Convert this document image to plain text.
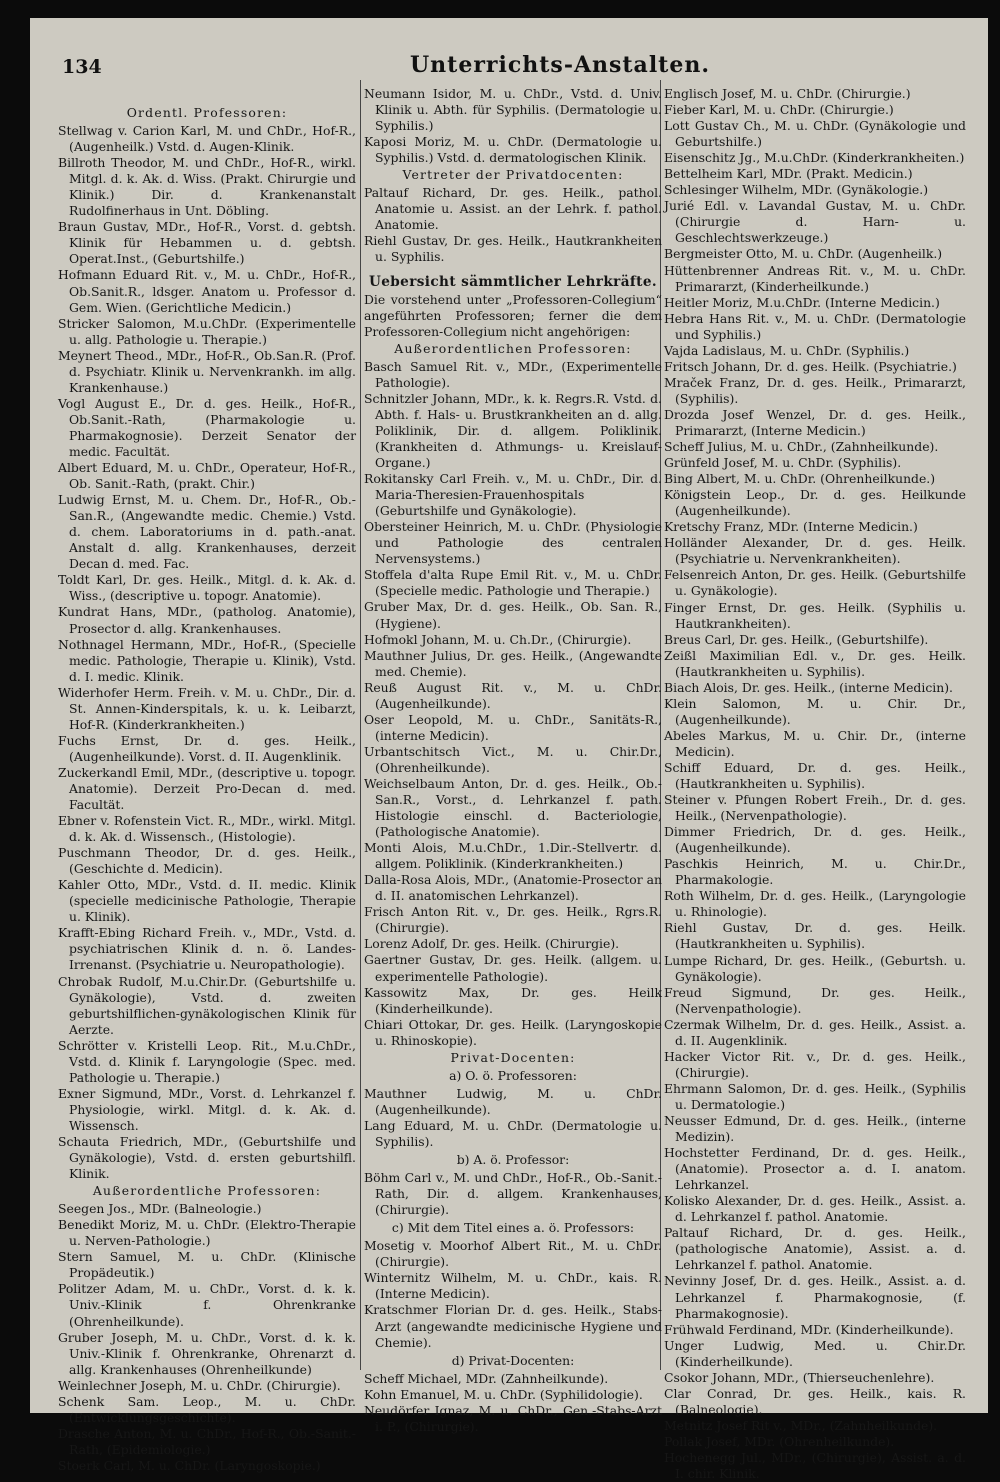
134	Unterrichts-Anstalten.

Ordentl. Professoren:

Stellwag v. Carion Karl, M. und ChDr., Hof-R., (Augenheilk.) Vstd. d. Augen-Klinik.

Billroth Theodor, M. und ChDr., Hof-R., wirkl. Mitgl. d. k. Ak. d. Wiss. (Prakt. Chirurgie und Klinik.) Dir. d. Krankenanstalt Rudolfinerhaus in Unt. Döbling.

Braun Gustav, MDr., Hof-R., Vorst. d. gebtsh. Klinik für Hebammen u. d. gebtsh. Operat.Inst., (Geburtshilfe.)

Hofmann Eduard Rit. v., M. u. ChDr., Hof-R., Ob.Sanit.R., ldsger. Anatom u. Professor d. Gem. Wien. (Gerichtliche Medicin.)

Stricker Salomon, M.u.ChDr. (Experimentelle u. allg. Pathologie u. Therapie.)

Meynert Theod., MDr., Hof-R., Ob.San.R. (Prof. d. Psychiatr. Klinik u. Nervenkrankh. im allg. Krankenhause.)

Vogl August E., Dr. d. ges. Heilk., Hof-R., Ob.Sanit.-Rath, (Pharmakologie u. Pharmakognosie). Derzeit Senator der medic. Facultät.

Albert Eduard, M. u. ChDr., Operateur, Hof-R., Ob. Sanit.-Rath, (prakt. Chir.)

Ludwig Ernst, M. u. Chem. Dr., Hof-R., Ob.-San.R., (Angewandte medic. Chemie.) Vstd. d. chem. Laboratoriums in d. path.-anat. Anstalt d. allg. Krankenhauses, derzeit Decan d. med. Fac.

Toldt Karl, Dr. ges. Heilk., Mitgl. d. k. Ak. d. Wiss., (descriptive u. topogr. Anatomie).

Kundrat Hans, MDr., (patholog. Anatomie), Prosector d. allg. Krankenhauses.

Nothnagel Hermann, MDr., Hof-R., (Specielle medic. Pathologie, Therapie u. Klinik), Vstd. d. I. medic. Klinik.

Widerhofer Herm. Freih. v. M. u. ChDr., Dir. d. St. Annen-Kinderspitals, k. u. k. Leibarzt, Hof-R. (Kinderkrankheiten.)

Fuchs Ernst, Dr. d. ges. Heilk., (Augenheilkunde). Vorst. d. II. Augenklinik.

Zuckerkandl Emil, MDr., (descriptive u. topogr. Anatomie). Derzeit Pro-Decan d. med. Facultät.

Ebner v. Rofenstein Vict. R., MDr., wirkl. Mitgl. d. k. Ak. d. Wissensch., (Histologie).

Puschmann Theodor, Dr. d. ges. Heilk., (Geschichte d. Medicin).

Kahler Otto, MDr., Vstd. d. II. medic. Klinik (specielle medicinische Pathologie, Therapie u. Klinik).

Krafft-Ebing Richard Freih. v., MDr., Vstd. d. psychiatrischen Klinik d. n. ö. Landes-Irrenanst. (Psychiatrie u. Neuropathologie).

Chrobak Rudolf, M.u.Chir.Dr. (Geburtshilfe u. Gynäkologie), Vstd. d. zweiten geburtshilflichen-gynäkologischen Klinik für Aerzte.

Schrötter v. Kristelli Leop. Rit., M.u.ChDr., Vstd. d. Klinik f. Laryngologie (Spec. med. Pathologie u. Therapie.)

Exner Sigmund, MDr., Vorst. d. Lehrkanzel f. Physiologie, wirkl. Mitgl. d. k. Ak. d. Wissensch.

Schauta Friedrich, MDr., (Geburtshilfe und Gynäkologie), Vstd. d. ersten geburtshilfl. Klinik.

Außerordentliche Professoren:

Seegen Jos., MDr. (Balneologie.)

Benedikt Moriz, M. u. ChDr. (Elektro-Therapie u. Nerven-Pathologie.)

Stern Samuel, M. u. ChDr. (Klinische Propädeutik.)

Politzer Adam, M. u. ChDr., Vorst. d. k. k. Univ.-Klinik f. Ohrenkranke (Ohrenheilkunde).

Gruber Joseph, M. u. ChDr., Vorst. d. k. k. Univ.-Klinik f. Ohrenkranke, Ohrenarzt d. allg. Krankenhauses (Ohrenheilkunde)

Weinlechner Joseph, M. u. ChDr. (Chirurgie).

Schenk Sam. Leop., M. u. ChDr. (Entwicklungsgeschichte).

Drasche Anton, M. u. ChDr., Hof-R., Ob.-Sanit.-Rath, (Epidemiologie.)

Stoerk Carl, M. u. ChDr. (Laryngoskopie.)

Neumann Isidor, M. u. ChDr., Vstd. d. Univ. Klinik u. Abth. für Syphilis. (Dermatologie u. Syphilis.)

Kaposi Moriz, M. u. ChDr. (Dermatologie u. Syphilis.) Vstd. d. dermatologischen Klinik.

Vertreter der Privatdocenten:

Paltauf Richard, Dr. ges. Heilk., pathol. Anatomie u. Assist. an der Lehrk. f. pathol. Anatomie.

Riehl Gustav, Dr. ges. Heilk., Hautkrankheiten u. Syphilis.

Uebersicht sämmtlicher Lehrkräfte.

Die vorstehend unter „Professoren-Collegium“ angeführten Professoren; ferner die dem Professoren-Collegium nicht angehörigen:

Außerordentlichen Professoren:

Basch Samuel Rit. v., MDr., (Experimentelle Pathologie).

Schnitzler Johann, MDr., k. k. Regrs.R. Vstd. d. Abth. f. Hals- u. Brustkrankheiten an d. allg. Poliklinik, Dir. d. allgem. Poliklinik. (Krankheiten d. Athmungs- u. Kreislauf-Organe.)

Rokitansky Carl Freih. v., M. u. ChDr., Dir. d. Maria-Theresien-Frauenhospitals (Geburtshilfe und Gynäkologie).

Obersteiner Heinrich, M. u. ChDr. (Physiologie und Pathologie des centralen Nervensystems.)

Stoffela d'alta Rupe Emil Rit. v., M. u. ChDr. (Specielle medic. Pathologie und Therapie.)

Gruber Max, Dr. d. ges. Heilk., Ob. San. R., (Hygiene).

Hofmokl Johann, M. u. Ch.Dr., (Chirurgie).

Mauthner Julius, Dr. ges. Heilk., (Angewandte med. Chemie).

Reuß August Rit. v., M. u. ChDr. (Augenheilkunde).

Oser Leopold, M. u. ChDr., Sanitäts-R., (interne Medicin).

Urbantschitsch Vict., M. u. Chir.Dr., (Ohrenheilkunde).

Weichselbaum Anton, Dr. d. ges. Heilk., Ob.-San.R., Vorst., d. Lehrkanzel f. path. Histologie einschl. d. Bacteriologie, (Pathologische Anatomie).

Monti Alois, M.u.ChDr., 1.Dir.-Stellvertr. d. allgem. Poliklinik. (Kinderkrankheiten.)

Dalla-Rosa Alois, MDr., (Anatomie-Prosector an d. II. anatomischen Lehrkanzel).

Frisch Anton Rit. v., Dr. ges. Heilk., Rgrs.R. (Chirurgie).

Lorenz Adolf, Dr. ges. Heilk. (Chirurgie).

Gaertner Gustav, Dr. ges. Heilk. (allgem. u. experimentelle Pathologie).

Kassowitz Max, Dr. ges. Heilk (Kinderheilkunde).

Chiari Ottokar, Dr. ges. Heilk. (Laryngoskopie u. Rhinoskopie).

Privat-Docenten:

a) O. ö. Professoren:

Mauthner Ludwig, M. u. ChDr. (Augenheilkunde).

Lang Eduard, M. u. ChDr. (Dermatologie u. Syphilis).

b) A. ö. Professor:

Böhm Carl v., M. und ChDr., Hof-R., Ob.-Sanit.-Rath, Dir. d. allgem. Krankenhauses, (Chirurgie).

c) Mit dem Titel eines a. ö. Professors:

Mosetig v. Moorhof Albert Rit., M. u. ChDr. (Chirurgie).

Winternitz Wilhelm, M. u. ChDr., kais. R. (Interne Medicin).

Kratschmer Florian Dr. d. ges. Heilk., Stabs-Arzt (angewandte medicinische Hygiene und Chemie).

d) Privat-Docenten:

Scheff Michael, MDr. (Zahnheilkunde).

Kohn Emanuel, M. u. ChDr. (Syphilidologie).

Neudörfer Ignaz, M. u. ChDr., Gen.-Stabs-Arzt i. P., (Chirurgie).

Englisch Josef, M. u. ChDr. (Chirurgie.)

Fieber Karl, M. u. ChDr. (Chirurgie.)

Lott Gustav Ch., M. u. ChDr. (Gynäkologie und Geburtshilfe.)

Eisenschitz Jg., M.u.ChDr. (Kinderkrankheiten.)

Bettelheim Karl, MDr. (Prakt. Medicin.)

Schlesinger Wilhelm, MDr. (Gynäkologie.)

Jurié Edl. v. Lavandal Gustav, M. u. ChDr. (Chirurgie d. Harn- u. Geschlechtswerkzeuge.)

Bergmeister Otto, M. u. ChDr. (Augenheilk.)

Hüttenbrenner Andreas Rit. v., M. u. ChDr. Primararzt, (Kinderheilkunde.)

Heitler Moriz, M.u.ChDr. (Interne Medicin.)

Hebra Hans Rit. v., M. u. ChDr. (Dermatologie und Syphilis.)

Vajda Ladislaus, M. u. ChDr. (Syphilis.)

Fritsch Johann, Dr. d. ges. Heilk. (Psychiatrie.)

Mraček Franz, Dr. d. ges. Heilk., Primararzt, (Syphilis).

Drozda Josef Wenzel, Dr. d. ges. Heilk., Primararzt, (Interne Medicin.)

Scheff Julius, M. u. ChDr., (Zahnheilkunde).

Grünfeld Josef, M. u. ChDr. (Syphilis).

Bing Albert, M. u. ChDr. (Ohrenheilkunde.)

Königstein Leop., Dr. d. ges. Heilkunde (Augenheilkunde).

Kretschy Franz, MDr. (Interne Medicin.)

Holländer Alexander, Dr. d. ges. Heilk. (Psychiatrie u. Nervenkrankheiten).

Felsenreich Anton, Dr. ges. Heilk. (Geburtshilfe u. Gynäkologie).

Finger Ernst, Dr. ges. Heilk. (Syphilis u. Hautkrankheiten).

Breus Carl, Dr. ges. Heilk., (Geburtshilfe).

Zeißl Maximilian Edl. v., Dr. ges. Heilk. (Hautkrankheiten u. Syphilis).

Biach Alois, Dr. ges. Heilk., (interne Medicin).

Klein Salomon, M. u. Chir. Dr., (Augenheilkunde).

Abeles Markus, M. u. Chir. Dr., (interne Medicin).

Schiff Eduard, Dr. d. ges. Heilk., (Hautkrankheiten u. Syphilis).

Steiner v. Pfungen Robert Freih., Dr. d. ges. Heilk., (Nervenpathologie).

Dimmer Friedrich, Dr. d. ges. Heilk., (Augenheilkunde).

Paschkis Heinrich, M. u. Chir.Dr., Pharmakologie.

Roth Wilhelm, Dr. d. ges. Heilk., (Laryngologie u. Rhinologie).

Riehl Gustav, Dr. d. ges. Heilk. (Hautkrankheiten u. Syphilis).

Lumpe Richard, Dr. ges. Heilk., (Geburtsh. u. Gynäkologie).

Freud Sigmund, Dr. ges. Heilk., (Nervenpathologie).

Czermak Wilhelm, Dr. d. ges. Heilk., Assist. a. d. II. Augenklinik.

Hacker Victor Rit. v., Dr. d. ges. Heilk., (Chirurgie).

Ehrmann Salomon, Dr. d. ges. Heilk., (Syphilis u. Dermatologie.)

Neusser Edmund, Dr. d. ges. Heilk., (interne Medizin).

Hochstetter Ferdinand, Dr. d. ges. Heilk., (Anatomie). Prosector a. d. I. anatom. Lehrkanzel.

Kolisko Alexander, Dr. d. ges. Heilk., Assist. a. d. Lehrkanzel f. pathol. Anatomie.

Paltauf Richard, Dr. d. ges. Heilk., (pathologische Anatomie), Assist. a. d. Lehrkanzel f. pathol. Anatomie.

Nevinny Josef, Dr. d. ges. Heilk., Assist. a. d. Lehrkanzel f. Pharmakognosie, (f. Pharmakognosie).

Frühwald Ferdinand, MDr. (Kinderheilkunde).

Unger Ludwig, Med. u. Chir.Dr. (Kinderheilkunde).

Csokor Johann, MDr., (Thierseuchenlehre).

Clar Conrad, Dr. ges. Heilk., kais. R. (Balneologie).

Metnitz Josef Rit v., MDr., (Zahnheilkunde).

Pollak Josef, MDr. (Ohrenheilkunde).

Hochenegg Jul., MDr., (Chirurgie), Assist. a. d. I. chir. Klinik.
